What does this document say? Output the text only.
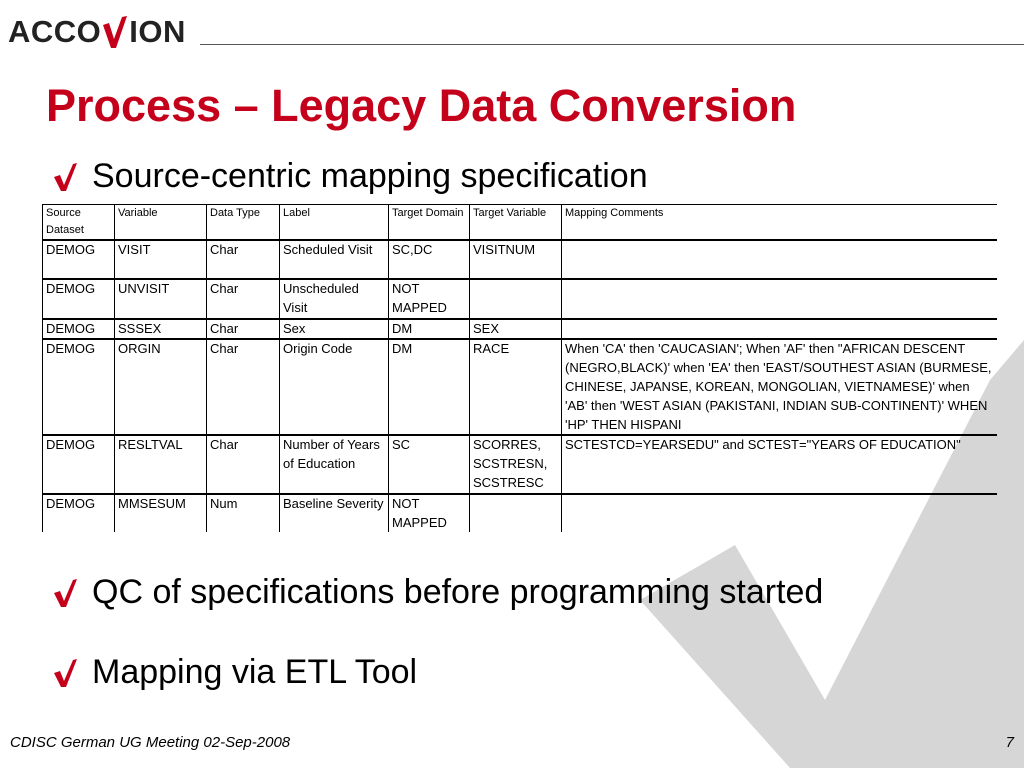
ACCO ION
Process – Legacy Data Conversion
Source-centric mapping specification
Source Dataset	Variable	Data Type	Label	Target Domain	Target Variable	Mapping Comments
DEMOG	VISIT	Char	Scheduled Visit	SC,DC	VISITNUM	
DEMOG	UNVISIT	Char	Unscheduled Visit	NOT MAPPED		
DEMOG	SSSEX	Char	Sex	DM	SEX	
DEMOG	ORGIN	Char	Origin Code	DM	RACE	When 'CA' then 'CAUCASIAN'; When 'AF' then "AFRICAN DESCENT (NEGRO,BLACK)' when 'EA' then 'EAST/SOUTHEST ASIAN (BURMESE, CHINESE, JAPANSE, KOREAN, MONGOLIAN, VIETNAMESE)' when 'AB' then 'WEST ASIAN (PAKISTANI, INDIAN SUB-CONTINENT)' WHEN 'HP' THEN HISPANI
DEMOG	RESLTVAL	Char	Number of Years of Education	SC	SCORRES, SCSTRESN, SCSTRESC	SCTESTCD=YEARSEDU" and SCTEST="YEARS OF EDUCATION"
DEMOG	MMSESUM	Num	Baseline Severity	NOT MAPPED		
QC of specifications before programming started
Mapping via ETL Tool
CDISC German UG Meeting 02-Sep-2008	7
